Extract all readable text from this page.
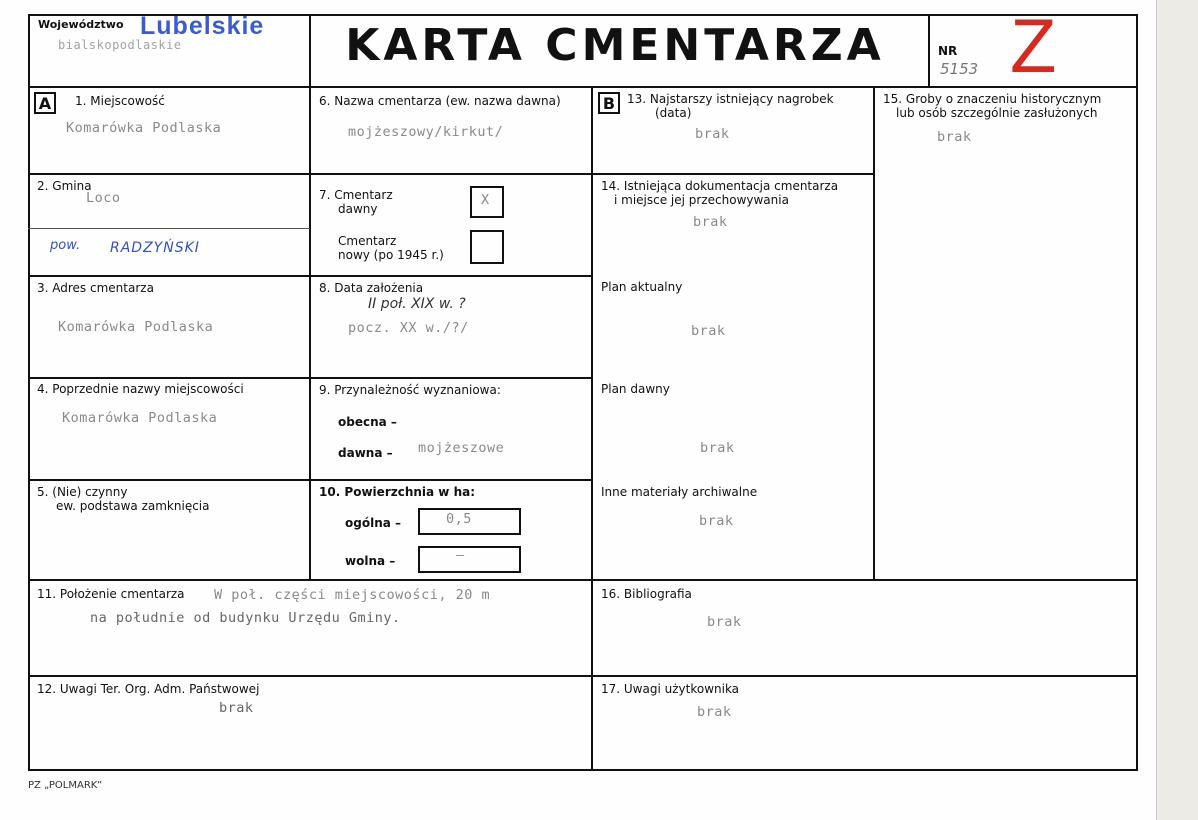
Województwo Lubelskie
bialskopodlaskie	KARTA CMENTARZA	NR
5153 Z
A	B
1. Miejscowość
Komarówka Podlaska
2. Gmina
Loco
pow. RADZYŃSKI
3. Adres cmentarza
Komarówka Podlaska
4. Poprzednie nazwy miejscowości
Komarówka Podlaska
5. (Nie) czynny
ew. podstawa zamknięcia
6. Nazwa cmentarza (ew. nazwa dawna)
mojżeszowy/kirkut/
7. Cmentarz
dawny
X
Cmentarz
nowy (po 1945 r.)
8. Data założenia
II poł. XIX w. ?
pocz. XX w./?/
9. Przynależność wyznaniowa:
obecna –
dawna – mojżeszowe
10. Powierzchnia w ha:
ogólna –	0,5
wolna –	–
11. Położenie cmentarza W poł. części miejscowości, 20 m
na południe od budynku Urzędu Gminy.
12. Uwagi Ter. Org. Adm. Państwowej
brak
13. Najstarszy istniejący nagrobek
(data)
brak
14. Istniejąca dokumentacja cmentarza
i miejsce jej przechowywania
brak
Plan aktualny
brak
Plan dawny
brak
Inne materiały archiwalne
brak
15. Groby o znaczeniu historycznym
lub osób szczególnie zasłużonych
brak
16. Bibliografia
brak
17. Uwagi użytkownika
brak
PZ „POLMARK”
